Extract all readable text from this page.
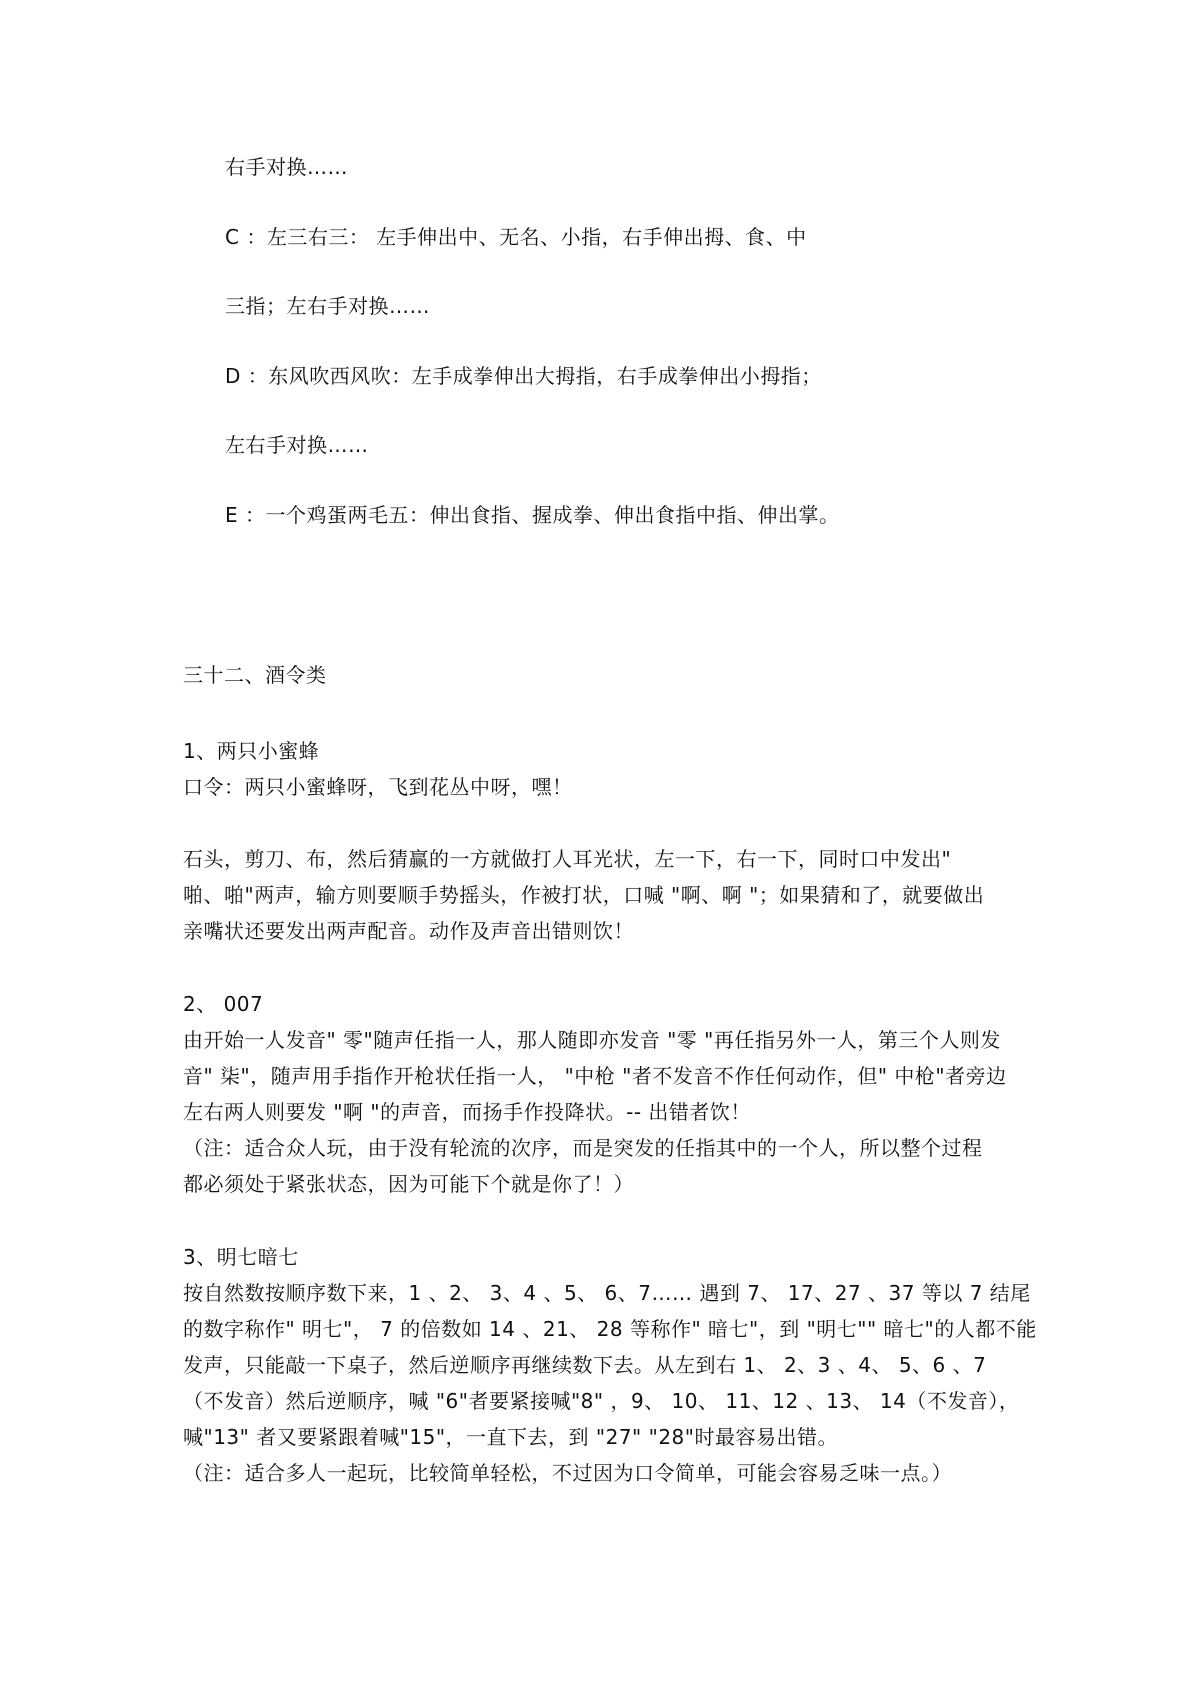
右手对换……
C ：左三右三： 左手伸出中、无名、小指，右手伸出拇、食、中
三指；左右手对换……
D ：东风吹西风吹：左手成拳伸出大拇指，右手成拳伸出小拇指；
左右手对换……
E ：一个鸡蛋两毛五：伸出食指、握成拳、伸出食指中指、伸出掌。
三十二、酒令类
1、两只小蜜蜂
口令：两只小蜜蜂呀，飞到花丛中呀，嘿！
石头，剪刀、布，然后猜赢的一方就做打人耳光状，左一下，右一下，同时口中发出"
啪、啪"两声，输方则要顺手势摇头，作被打状，口喊 "啊、啊 "；如果猜和了，就要做出
亲嘴状还要发出两声配音。动作及声音出错则饮！
2、 007
由开始一人发音" 零"随声任指一人，那人随即亦发音 "零 "再任指另外一人，第三个人则发
音" 柒"，随声用手指作开枪状任指一人， "中枪 "者不发音不作任何动作，但" 中枪"者旁边
左右两人则要发 "啊 "的声音，而扬手作投降状。-- 出错者饮！
（注：适合众人玩，由于没有轮流的次序，而是突发的任指其中的一个人，所以整个过程
都必须处于紧张状态，因为可能下个就是你了！）
3、明七暗七
按自然数按顺序数下来，1 、2、 3、4 、5、 6、7…… 遇到 7、 17、27 、37 等以 7 结尾
的数字称作" 明七"， 7 的倍数如 14 、21、 28 等称作" 暗七"，到 "明七"" 暗七"的人都不能
发声，只能敲一下桌子，然后逆顺序再继续数下去。从左到右 1、 2、3 、4、 5、6 、7
（不发音）然后逆顺序，喊 "6"者要紧接喊"8" ，9、 10、 11、12 、13、 14（不发音），
喊"13" 者又要紧跟着喊"15"，一直下去，到 "27" "28"时最容易出错。
（注：适合多人一起玩，比较简单轻松，不过因为口令简单，可能会容易乏味一点。）
